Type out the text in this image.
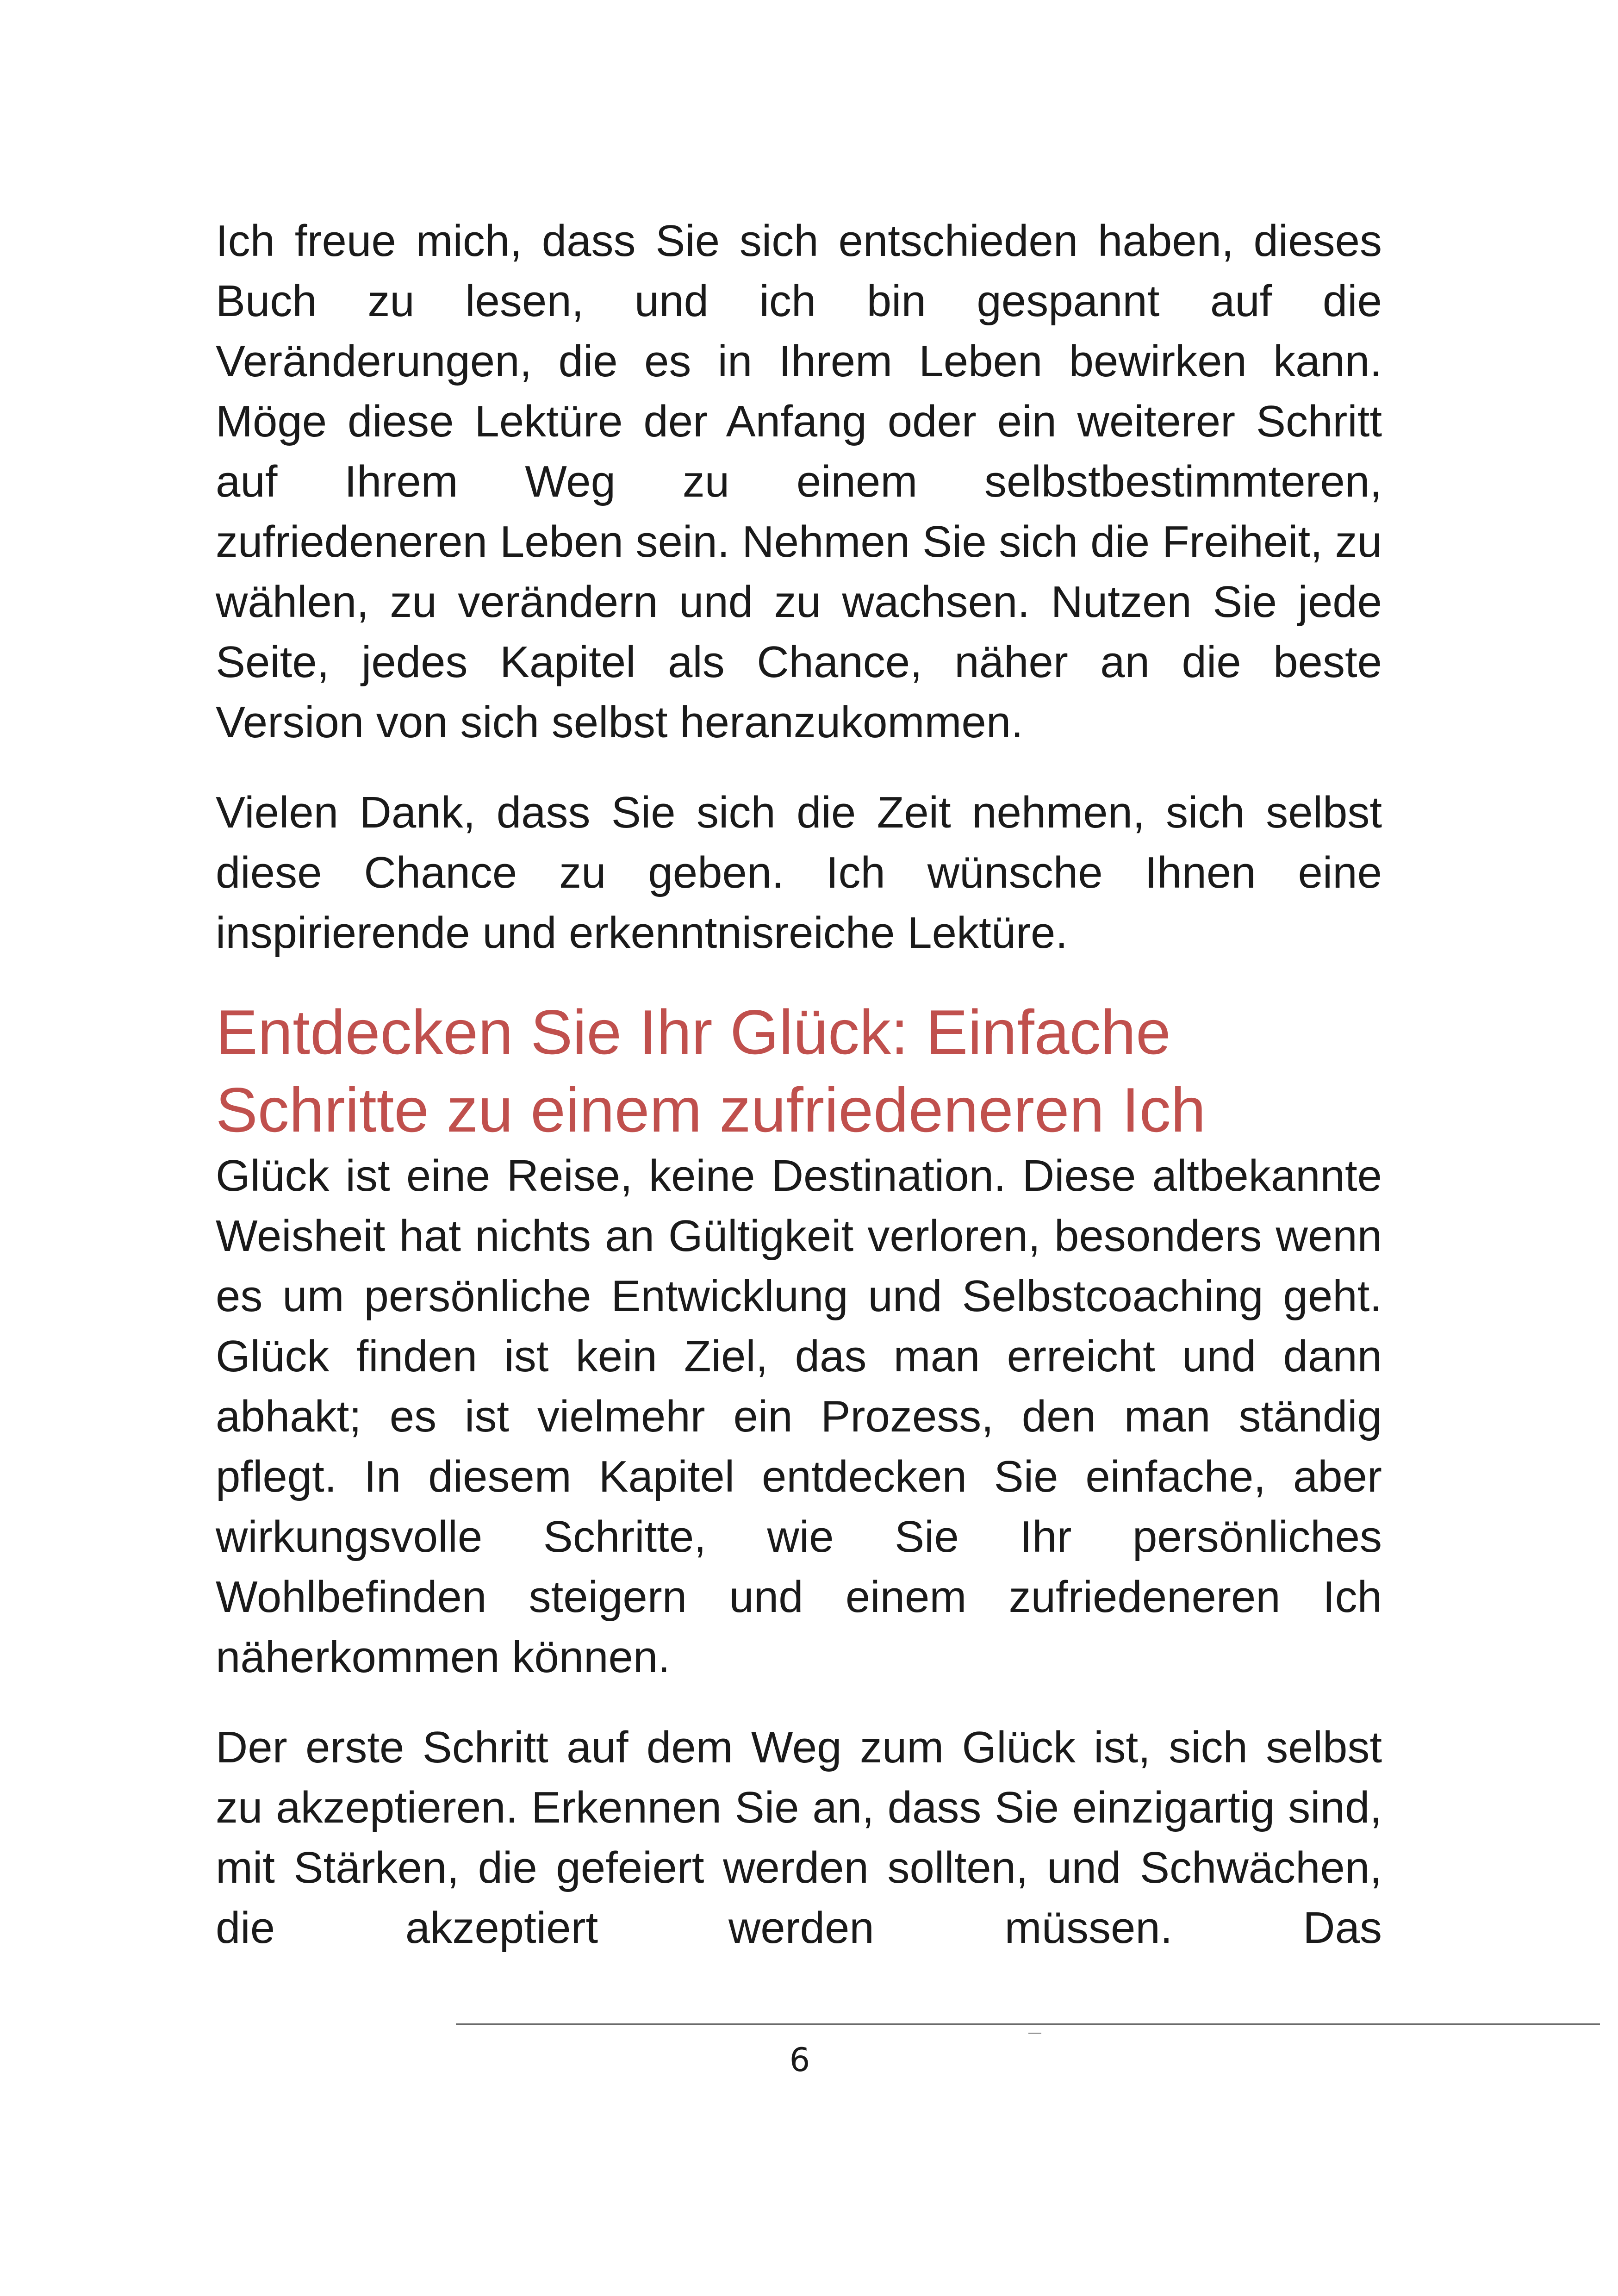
Ich freue mich, dass Sie sich entschieden haben, dieses Buch zu lesen, und ich bin gespannt auf die Veränderungen, die es in Ihrem Leben bewirken kann. Möge diese Lektüre der Anfang oder ein weiterer Schritt auf Ihrem Weg zu einem selbstbestimmteren, zufriedeneren Leben sein. Nehmen Sie sich die Freiheit, zu wählen, zu verändern und zu wachsen. Nutzen Sie jede Seite, jedes Kapitel als Chance, näher an die beste Version von sich selbst heranzukommen.

Vielen Dank, dass Sie sich die Zeit nehmen, sich selbst diese Chance zu geben. Ich wünsche Ihnen eine inspirierende und erkenntnisreiche Lektüre.

Entdecken Sie Ihr Glück: Einfache Schritte zu einem zufriedeneren Ich

Glück ist eine Reise, keine Destination. Diese altbekannte Weisheit hat nichts an Gültigkeit verloren, besonders wenn es um persönliche Entwicklung und Selbstcoaching geht. Glück finden ist kein Ziel, das man erreicht und dann abhakt; es ist vielmehr ein Prozess, den man ständig pflegt. In diesem Kapitel entdecken Sie einfache, aber wirkungsvolle Schritte, wie Sie Ihr persönliches Wohlbefinden steigern und einem zufriedeneren Ich näherkommen können.

Der erste Schritt auf dem Weg zum Glück ist, sich selbst zu akzeptieren. Erkennen Sie an, dass Sie einzigartig sind, mit Stärken, die gefeiert werden sollten, und Schwächen, die akzeptiert werden müssen. Das

6
